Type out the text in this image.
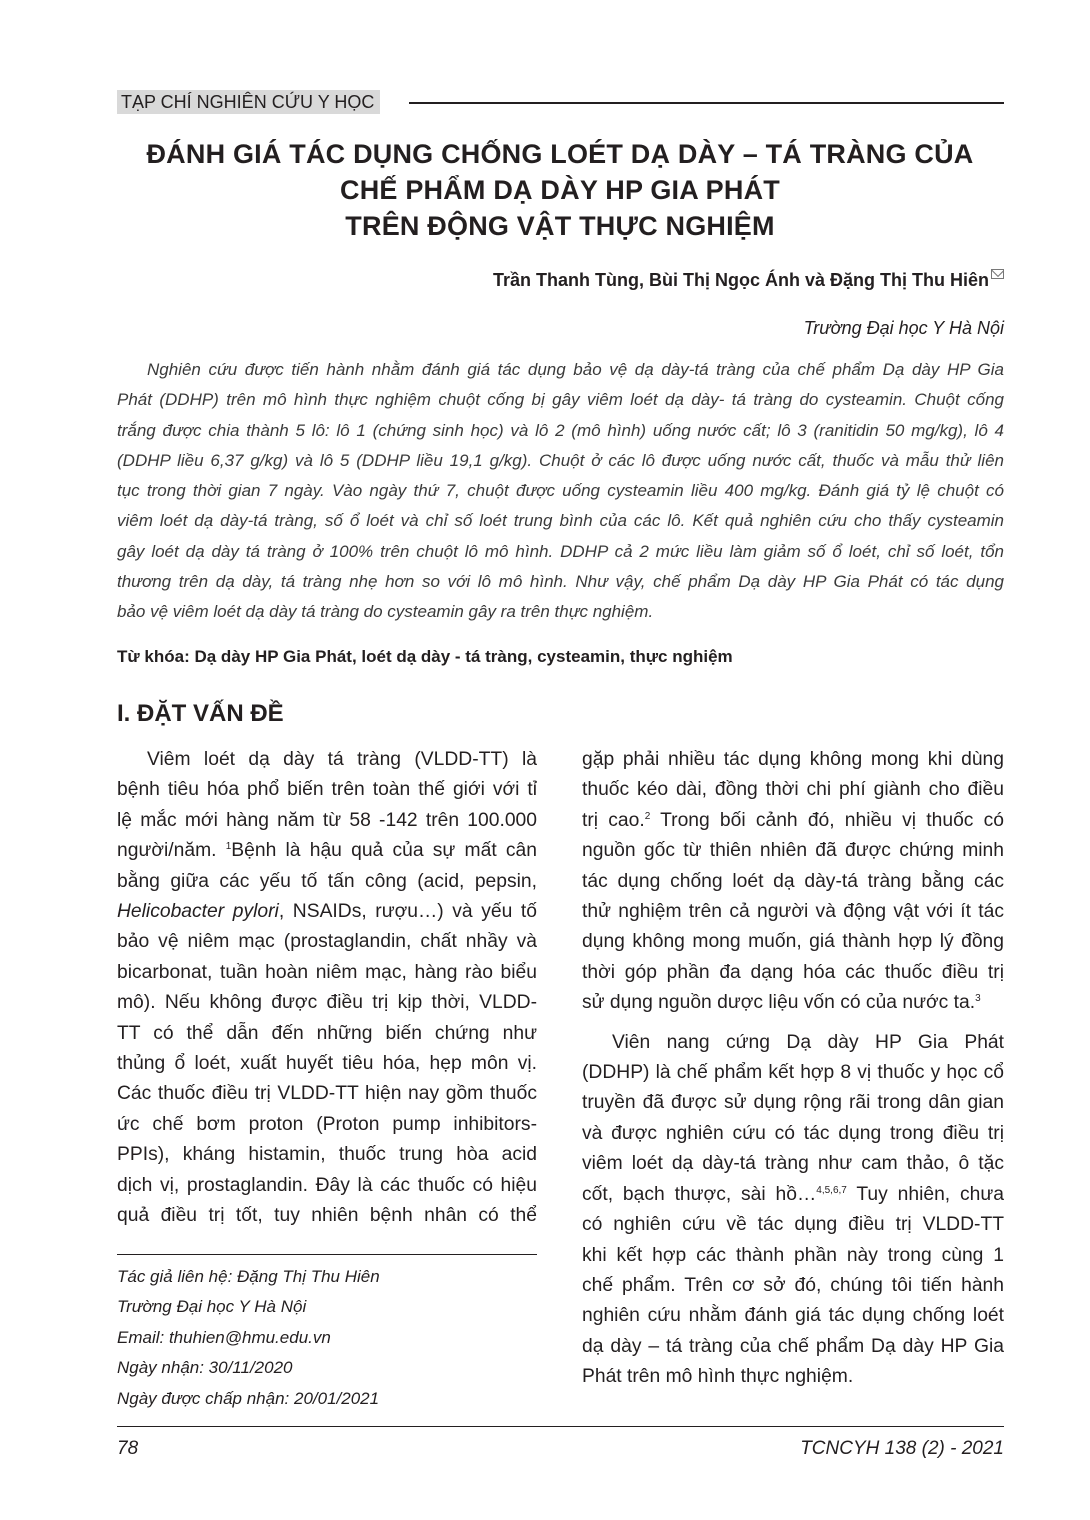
TẠP CHÍ NGHIÊN CỨU Y HỌC
ĐÁNH GIÁ TÁC DỤNG CHỐNG LOÉT DẠ DÀY – TÁ TRÀNG CỦA
CHẾ PHẨM DẠ DÀY HP GIA PHÁT
TRÊN ĐỘNG VẬT THỰC NGHIỆM
Trần Thanh Tùng, Bùi Thị Ngọc Ánh và Đặng Thị Thu Hiên
Trường Đại học Y Hà Nội
Nghiên cứu được tiến hành nhằm đánh giá tác dụng bảo vệ dạ dày-tá tràng của chế phẩm Dạ dày HP Gia
Phát (DDHP) trên mô hình thực nghiệm chuột cống bị gây viêm loét dạ dày- tá tràng do cysteamin. Chuột cống
trắng được chia thành 5 lô: lô 1 (chứng sinh học) và lô 2 (mô hình) uống nước cất; lô 3 (ranitidin 50 mg/kg), lô 4
(DDHP liều 6,37 g/kg) và lô 5 (DDHP liều 19,1 g/kg). Chuột ở các lô được uống nước cất, thuốc và mẫu thử liên
tục trong thời gian 7 ngày. Vào ngày thứ 7, chuột được uống cysteamin liều 400 mg/kg. Đánh giá tỷ lệ chuột có
viêm loét dạ dày-tá tràng, số ổ loét và chỉ số loét trung bình của các lô. Kết quả nghiên cứu cho thấy cysteamin
gây loét dạ dày tá tràng ở 100% trên chuột lô mô hình. DDHP cả 2 mức liều làm giảm số ổ loét, chỉ số loét, tổn
thương trên dạ dày, tá tràng nhẹ hơn so với lô mô hình. Như vậy, chế phẩm Dạ dày HP Gia Phát có tác dụng
bảo vệ viêm loét dạ dày tá tràng do cysteamin gây ra trên thực nghiệm.
Từ khóa: Dạ dày HP Gia Phát, loét dạ dày - tá tràng, cysteamin, thực nghiệm
I. ĐẶT VẤN ĐỀ
Viêm loét dạ dày tá tràng (VLDD-TT) là
bệnh tiêu hóa phổ biến trên toàn thế giới với tỉ
lệ mắc mới hàng năm từ 58 -142 trên 100.000
người/năm. $^1$Bệnh là hậu quả của sự mất cân
bằng giữa các yếu tố tấn công (acid, pepsin,
Helicobacter pylori, NSAIDs, rượu…) và yếu tố
bảo vệ niêm mạc (prostaglandin, chất nhầy và
bicarbonat, tuần hoàn niêm mạc, hàng rào biểu
mô). Nếu không được điều trị kịp thời, VLDD-
TT có thể dẫn đến những biến chứng như
thủng ổ loét, xuất huyết tiêu hóa, hẹp môn vị.
Các thuốc điều trị VLDD-TT hiện nay gồm thuốc
ức chế bơm proton (Proton pump inhibitors-
PPIs), kháng histamin, thuốc trung hòa acid
dịch vị, prostaglandin. Đây là các thuốc có hiệu
quả điều trị tốt, tuy nhiên bệnh nhân có thể
gặp phải nhiều tác dụng không mong khi dùng
thuốc kéo dài, đồng thời chi phí giành cho điều
trị cao.$^2$ Trong bối cảnh đó, nhiều vị thuốc có
nguồn gốc từ thiên nhiên đã được chứng minh
tác dụng chống loét dạ dày-tá tràng bằng các
thử nghiệm trên cả người và động vật với ít tác
dụng không mong muốn, giá thành hợp lý đồng
thời góp phần đa dạng hóa các thuốc điều trị
sử dụng nguồn dược liệu vốn có của nước ta.$^3$
Viên nang cứng Dạ dày HP Gia Phát
(DDHP) là chế phẩm kết hợp 8 vị thuốc y học cổ
truyền đã được sử dụng rộng rãi trong dân gian
và được nghiên cứu có tác dụng trong điều trị
viêm loét dạ dày-tá tràng như cam thảo, ô tặc
cốt, bạch thược, sài hồ…$^{4,5,6,7}$ Tuy nhiên, chưa
có nghiên cứu về tác dụng điều trị VLDD-TT
khi kết hợp các thành phần này trong cùng 1
chế phẩm. Trên cơ sở đó, chúng tôi tiến hành
nghiên cứu nhằm đánh giá tác dụng chống loét
dạ dày – tá tràng của chế phẩm Dạ dày HP Gia
Phát trên mô hình thực nghiệm.
Tác giả liên hệ: Đặng Thị Thu Hiên
Trường Đại học Y Hà Nội
Email: thuhien@hmu.edu.vn
Ngày nhận: 30/11/2020
Ngày được chấp nhận: 20/01/2021
78	TCNCYH 138 (2) - 2021
